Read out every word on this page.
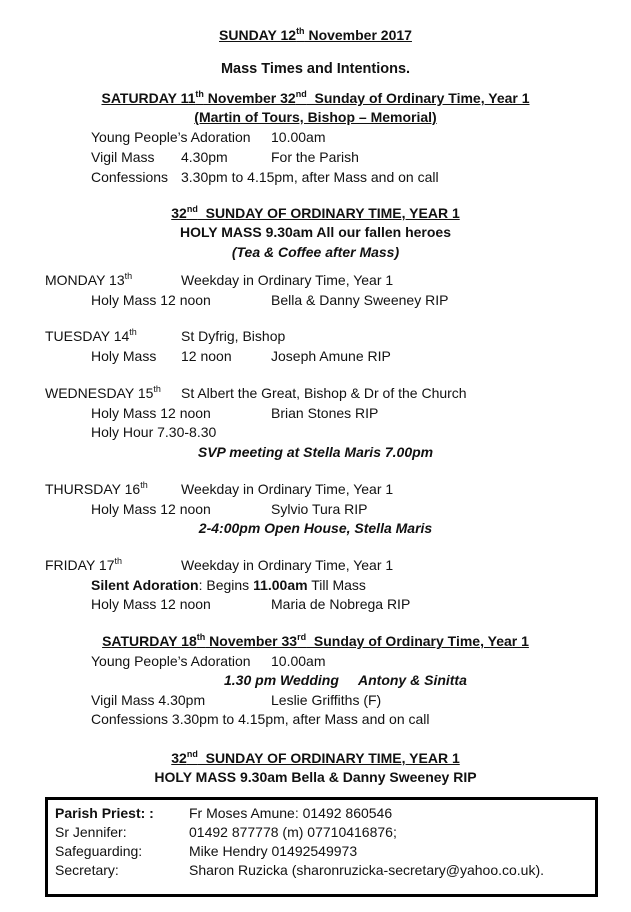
SUNDAY 12th November 2017
Mass Times and Intentions.
SATURDAY 11th November 32nd  Sunday of Ordinary Time, Year 1
(Martin of Tours, Bishop – Memorial)
Young People’s Adoration 10.00am
Vigil Mass 4.30pm	For the Parish
Confessions 3.30pm to 4.15pm, after Mass and on call
32nd  SUNDAY OF ORDINARY TIME, YEAR 1
HOLY MASS 9.30am All our fallen heroes
(Tea & Coffee after Mass)
MONDAY 13th	Weekday in Ordinary Time, Year 1
Holy Mass 12 noon	Bella & Danny Sweeney RIP
TUESDAY 14th	St Dyfrig, Bishop
Holy Mass 12 noon	Joseph Amune RIP
WEDNESDAY 15th St Albert the Great, Bishop & Dr of the Church
Holy Mass 12 noon	Brian Stones RIP
Holy Hour 7.30-8.30
SVP meeting at Stella Maris 7.00pm
THURSDAY 16th Weekday in Ordinary Time, Year 1
Holy Mass 12 noon	Sylvio Tura RIP
2-4:00pm Open House, Stella Maris
FRIDAY 17th	Weekday in Ordinary Time, Year 1
Silent Adoration: Begins 11.00am Till Mass
Holy Mass 12 noon	Maria de Nobrega RIP
SATURDAY 18th November 33rd  Sunday of Ordinary Time, Year 1
Young People’s Adoration 10.00am
1.30 pm Wedding Antony & Sinitta
Vigil Mass 4.30pm	Leslie Griffiths (F)
Confessions 3.30pm to 4.15pm, after Mass and on call
32nd  SUNDAY OF ORDINARY TIME, YEAR 1
HOLY MASS 9.30am Bella & Danny Sweeney RIP
Parish Priest: :	Fr Moses Amune: 01492 860546
Sr Jennifer:	01492 877778 (m) 07710416876;
Safeguarding:	Mike Hendry 01492549973
Secretary:	Sharon Ruzicka (sharonruzicka-secretary@yahoo.co.uk).
